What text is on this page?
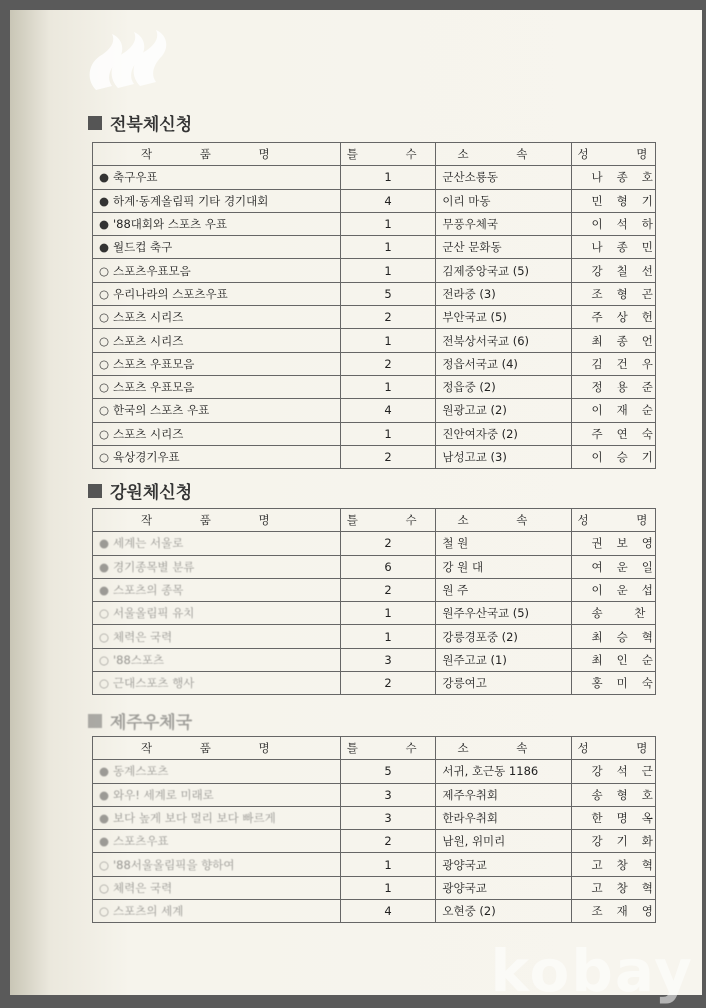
전북체신청
작 품 명	틀 수	소 속	성 명
● 축구우표	1	군산소룡동	나종호
● 하계·동계올림픽 기타 경기대회	4	이리 마동	민형기
● '88대회와 스포츠 우표	1	무풍우체국	이석하
● 월드컵 축구	1	군산 문화동	나종민
○ 스포츠우표모음	1	김제중앙국교 (5)	강칠선
○ 우리나라의 스포츠우표	5	전라중 (3)	조형곤
○ 스포츠 시리즈	2	부안국교 (5)	주상헌
○ 스포츠 시리즈	1	전북상서국교 (6)	최종언
○ 스포츠 우표모음	2	정읍서국교 (4)	김건우
○ 스포츠 우표모음	1	정읍중 (2)	정용준
○ 한국의 스포츠 우표	4	원광고교 (2)	이재순
○ 스포츠 시리즈	1	진안여자중 (2)	주연숙
○ 육상경기우표	2	남성고교 (3)	이승기
강원체신청
작 품 명	틀 수	소 속	성 명
● 세계는 서울로	2	철 원	권보영
● 경기종목별 분류	6	강 원 대	여운일
● 스포츠의 종목	2	원 주	이운섭
○ 서울올림픽 유치	1	원주우산국교 (5)	송 찬
○ 체력은 국력	1	강릉경포중 (2)	최승혁
○ '88스포츠	3	원주고교 (1)	최인순
○ 근대스포츠 행사	2	강릉여고	홍미숙
제주우체국
작 품 명	틀 수	소 속	성 명
● 동계스포츠	5	서귀, 호근동 1186	강석근
● 와우! 세계로 미래로	3	제주우취회	송형호
● 보다 높게 보다 멀리 보다 빠르게	3	한라우취회	한명옥
● 스포츠우표	2	남원, 위미리	강기화
○ '88서울올림픽을 향하여	1	광양국교	고창혁
○ 체력은 국력	1	광양국교	고창혁
○ 스포츠의 세계	4	오현중 (2)	조재영
kobay
